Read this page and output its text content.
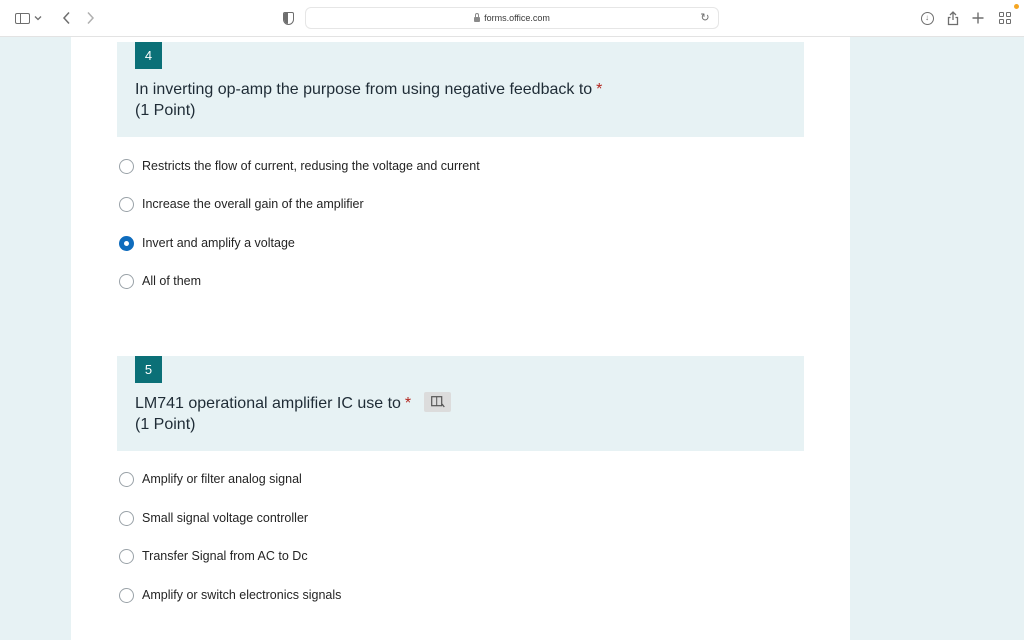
forms.office.com	↻	↓
4
In inverting op-amp the purpose from using negative feedback to *
(1 Point)
Restricts the flow of current, redusing the voltage and current
Increase the overall gain of the amplifier
Invert and amplify a voltage
All of them
5
LM741 operational amplifier IC use to *
(1 Point)
Amplify or filter analog signal
Small signal voltage controller
Transfer Signal from AC to Dc
Amplify or switch electronics signals
